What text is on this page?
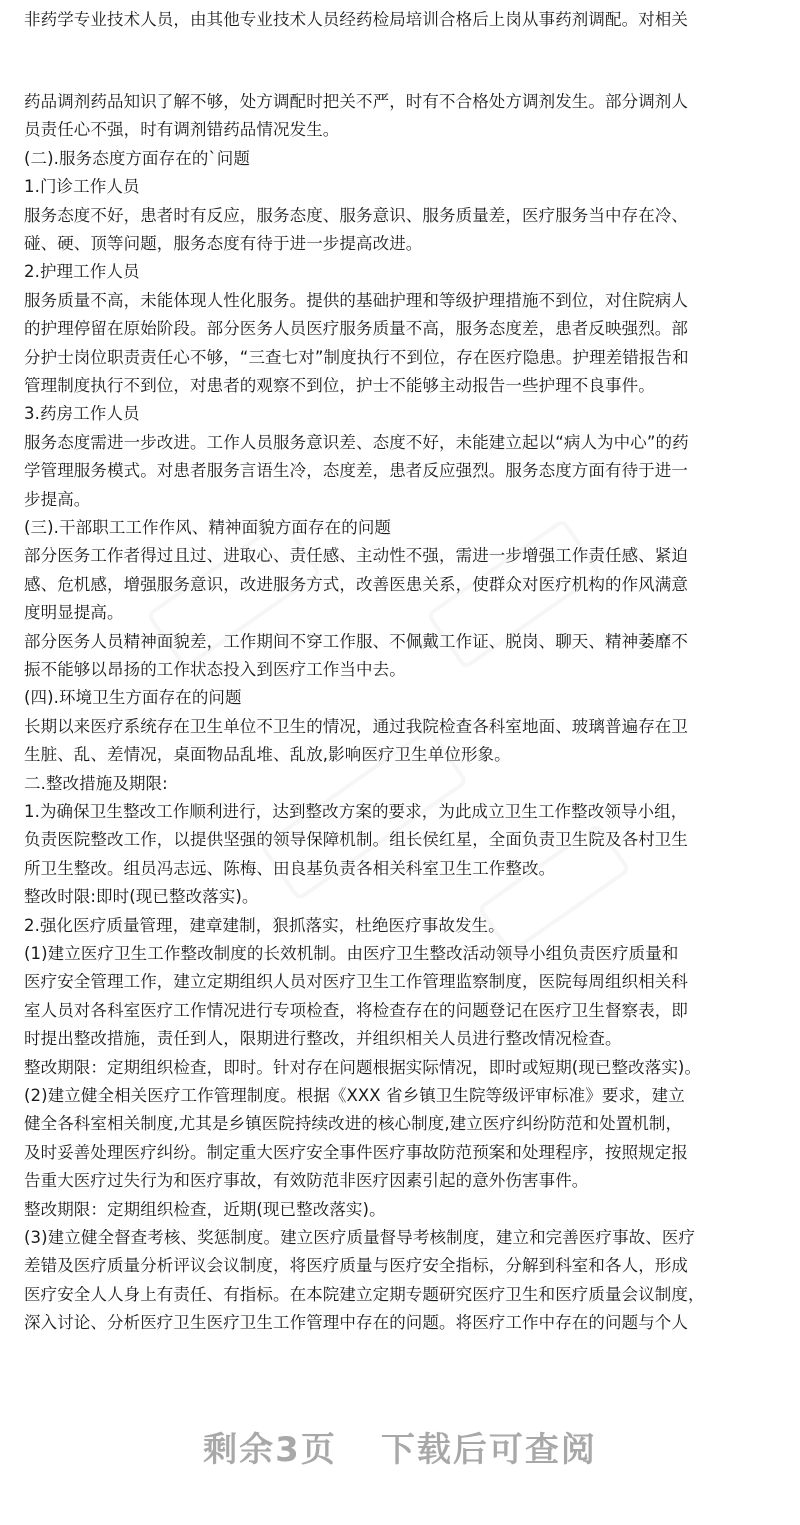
非药学专业技术人员，由其他专业技术人员经药检局培训合格后上岗从事药剂调配。对相关
药品调剂药品知识了解不够，处方调配时把关不严，时有不合格处方调剂发生。部分调剂人
员责任心不强，时有调剂错药品情况发生。
(二).服务态度方面存在的`问题
1.门诊工作人员
服务态度不好，患者时有反应，服务态度、服务意识、服务质量差，医疗服务当中存在冷、
碰、硬、顶等问题，服务态度有待于进一步提高改进。
2.护理工作人员
服务质量不高，未能体现人性化服务。提供的基础护理和等级护理措施不到位，对住院病人
的护理停留在原始阶段。部分医务人员医疗服务质量不高，服务态度差，患者反映强烈。部
分护士岗位职责责任心不够，“三查七对”制度执行不到位，存在医疗隐患。护理差错报告和
管理制度执行不到位，对患者的观察不到位，护士不能够主动报告一些护理不良事件。
3.药房工作人员
服务态度需进一步改进。工作人员服务意识差、态度不好，未能建立起以“病人为中心”的药
学管理服务模式。对患者服务言语生冷，态度差，患者反应强烈。服务态度方面有待于进一
步提高。
(三).干部职工工作作风、精神面貌方面存在的问题
部分医务工作者得过且过、进取心、责任感、主动性不强，需进一步增强工作责任感、紧迫
感、危机感，增强服务意识，改进服务方式，改善医患关系，使群众对医疗机构的作风满意
度明显提高。
部分医务人员精神面貌差，工作期间不穿工作服、不佩戴工作证、脱岗、聊天、精神萎靡不
振不能够以昂扬的工作状态投入到医疗工作当中去。
(四).环境卫生方面存在的问题
长期以来医疗系统存在卫生单位不卫生的情况，通过我院检查各科室地面、玻璃普遍存在卫
生脏、乱、差情况，桌面物品乱堆、乱放,影响医疗卫生单位形象。
二.整改措施及期限:
1.为确保卫生整改工作顺利进行，达到整改方案的要求，为此成立卫生工作整改领导小组，
负责医院整改工作，以提供坚强的领导保障机制。组长侯红星，全面负责卫生院及各村卫生
所卫生整改。组员冯志远、陈梅、田良基负责各相关科室卫生工作整改。
整改时限:即时(现已整改落实)。
2.强化医疗质量管理，建章建制，狠抓落实，杜绝医疗事故发生。
(1)建立医疗卫生工作整改制度的长效机制。由医疗卫生整改活动领导小组负责医疗质量和
医疗安全管理工作，建立定期组织人员对医疗卫生工作管理监察制度，医院每周组织相关科
室人员对各科室医疗工作情况进行专项检查，将检查存在的问题登记在医疗卫生督察表，即
时提出整改措施，责任到人，限期进行整改，并组织相关人员进行整改情况检查。
整改期限：定期组织检查，即时。针对存在问题根据实际情况，即时或短期(现已整改落实)。
(2)建立健全相关医疗工作管理制度。根据《XXX 省乡镇卫生院等级评审标准》要求，建立
健全各科室相关制度,尤其是乡镇医院持续改进的核心制度,建立医疗纠纷防范和处置机制，
及时妥善处理医疗纠纷。制定重大医疗安全事件医疗事故防范预案和处理程序，按照规定报
告重大医疗过失行为和医疗事故，有效防范非医疗因素引起的意外伤害事件。
整改期限：定期组织检查，近期(现已整改落实)。
(3)建立健全督查考核、奖惩制度。建立医疗质量督导考核制度，建立和完善医疗事故、医疗
差错及医疗质量分析评议会议制度，将医疗质量与医疗安全指标，分解到科室和各人，形成
医疗安全人人身上有责任、有指标。在本院建立定期专题研究医疗卫生和医疗质量会议制度，
深入讨论、分析医疗卫生医疗卫生工作管理中存在的问题。将医疗工作中存在的问题与个人
剩余3页 下载后可查阅
